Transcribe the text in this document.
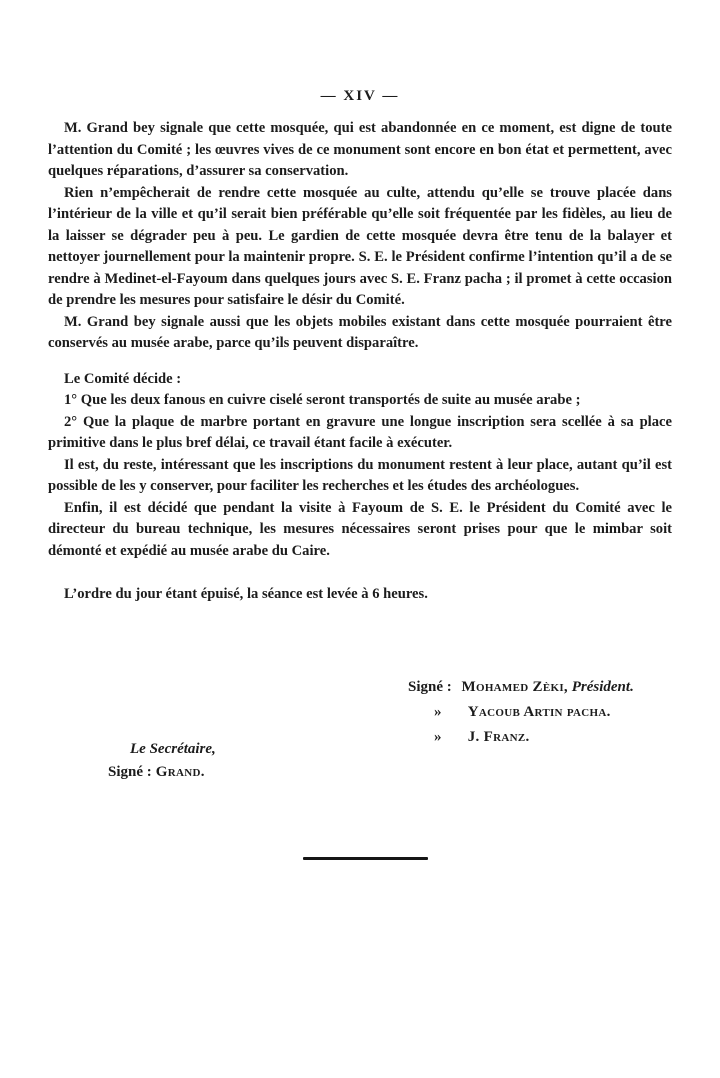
— XIV —

M. Grand bey signale que cette mosquée, qui est abandonnée en ce moment, est digne de toute l’attention du Comité ; les œuvres vives de ce monument sont encore en bon état et permettent, avec quelques réparations, d’assurer sa conservation.

Rien n’empêcherait de rendre cette mosquée au culte, attendu qu’elle se trouve placée dans l’intérieur de la ville et qu’il serait bien préférable qu’elle soit fréquentée par les fidèles, au lieu de la laisser se dégrader peu à peu. Le gardien de cette mosquée devra être tenu de la balayer et nettoyer journellement pour la maintenir propre. S. E. le Président confirme l’intention qu’il a de se rendre à Medinet-el-Fayoum dans quelques jours avec S. E. Franz pacha ; il promet à cette occasion de prendre les mesures pour satisfaire le désir du Comité.

M. Grand bey signale aussi que les objets mobiles existant dans cette mosquée pourraient être conservés au musée arabe, parce qu’ils peuvent disparaître.

Le Comité décide :

1° Que les deux fanous en cuivre ciselé seront transportés de suite au musée arabe ;

2° Que la plaque de marbre portant en gravure une longue inscription sera scellée à sa place primitive dans le plus bref délai, ce travail étant facile à exécuter.

Il est, du reste, intéressant que les inscriptions du monument restent à leur place, autant qu’il est possible de les y conserver, pour faciliter les recherches et les études des archéologues.

Enfin, il est décidé que pendant la visite à Fayoum de S. E. le Président du Comité avec le directeur du bureau technique, les mesures nécessaires seront prises pour que le mimbar soit démonté et expédié au musée arabe du Caire.

L’ordre du jour étant épuisé, la séance est levée à 6 heures.

Signé : Mohamed Zèki, Président.
» Yacoub Artin pacha.
» J. Franz.
Le Secrétaire,
Signé : Grand.
